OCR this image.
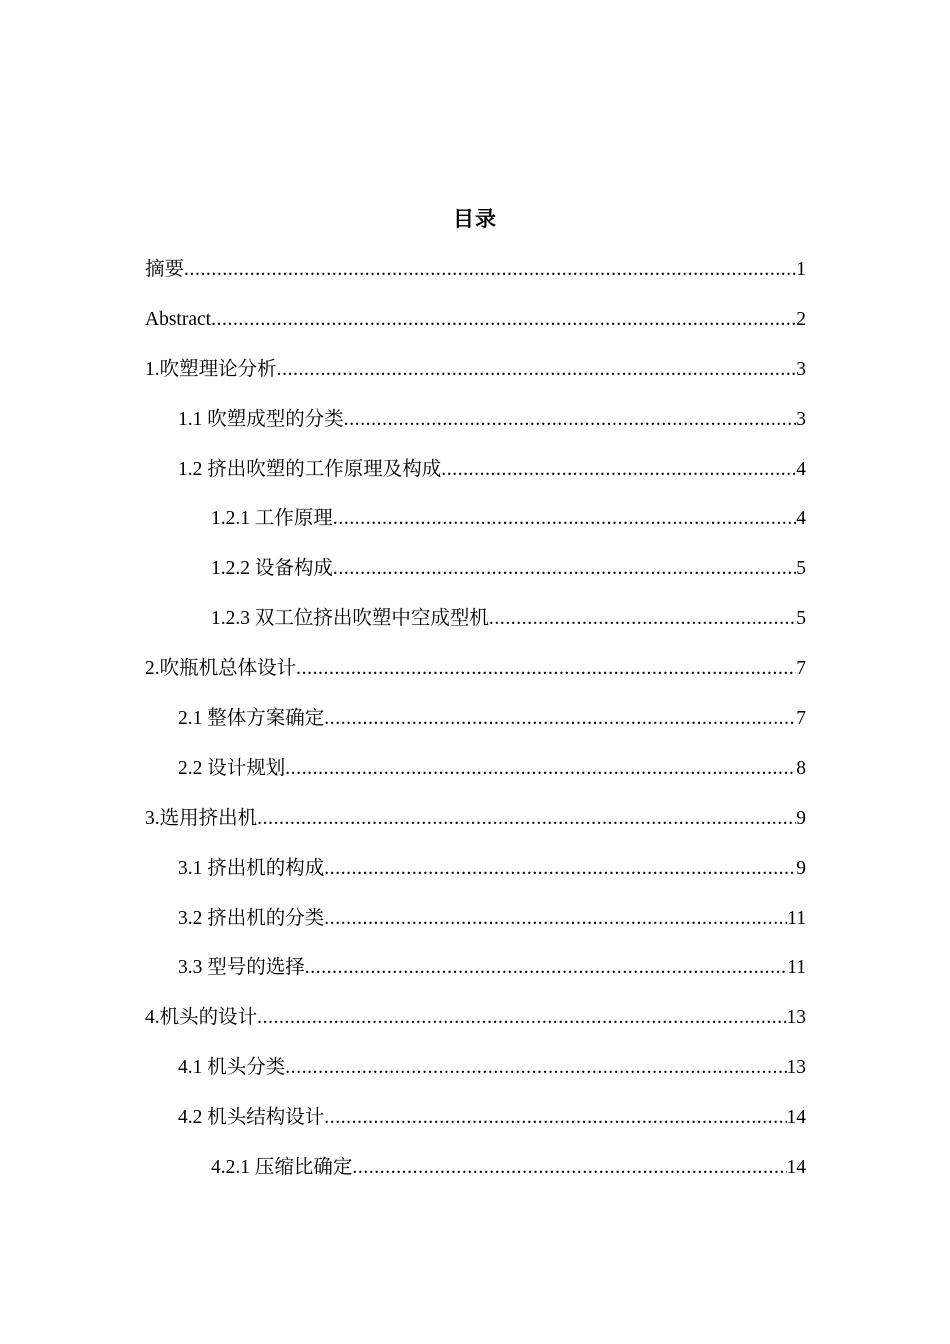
目录
摘要 .....	1
Abstract .....	2
1.吹塑理论分析 .....	3
1.1 吹塑成型的分类 .....	3
1.2 挤出吹塑的工作原理及构成 .....	4
1.2.1 工作原理 .....	4
1.2.2 设备构成 .....	5
1.2.3 双工位挤出吹塑中空成型机 .....	5
2.吹瓶机总体设计 .....	7
2.1 整体方案确定 .....	7
2.2 设计规划 .....	8
3.选用挤出机 .....	9
3.1 挤出机的构成 .....	9
3.2 挤出机的分类 .....	11
3.3 型号的选择 .....	11
4.机头的设计 .....	13
4.1 机头分类 .....	13
4.2 机头结构设计 .....	14
4.2.1 压缩比确定 .....	14
